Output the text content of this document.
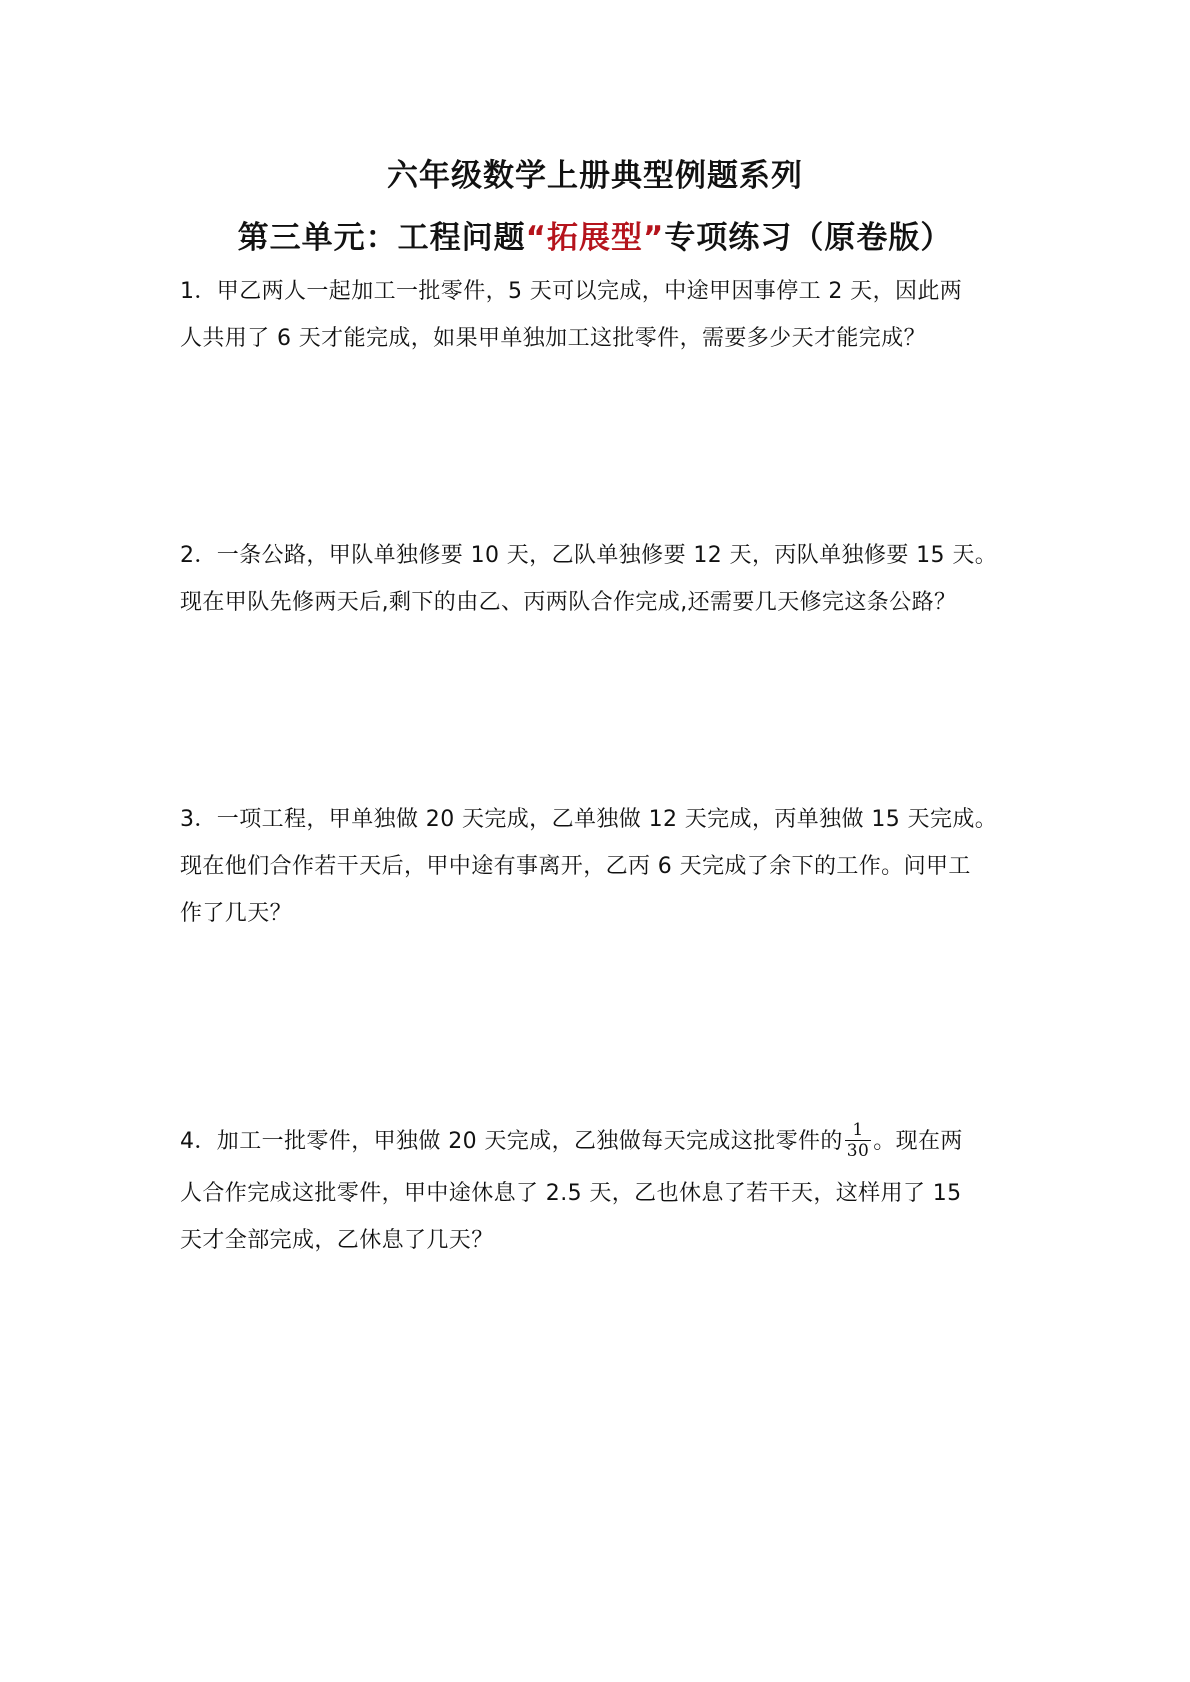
六年级数学上册典型例题系列
第三单元：工程问题“拓展型”专项练习（原卷版）
1．甲乙两人一起加工一批零件，5 天可以完成，中途甲因事停工 2 天，因此两
人共用了 6 天才能完成，如果甲单独加工这批零件，需要多少天才能完成？
2．一条公路，甲队单独修要 10 天，乙队单独修要 12 天，丙队单独修要 15 天。
现在甲队先修两天后,剩下的由乙、丙两队合作完成,还需要几天修完这条公路？
3．一项工程，甲单独做 20 天完成，乙单独做 12 天完成，丙单独做 15 天完成。
现在他们合作若干天后，甲中途有事离开，乙丙 6 天完成了余下的工作。问甲工
作了几天？
4．加工一批零件，甲独做 20 天完成，乙独做每天完成这批零件的 $\frac{1}{30}$ 。现在两
人合作完成这批零件，甲中途休息了 2.5 天，乙也休息了若干天，这样用了 15
天才全部完成，乙休息了几天？
